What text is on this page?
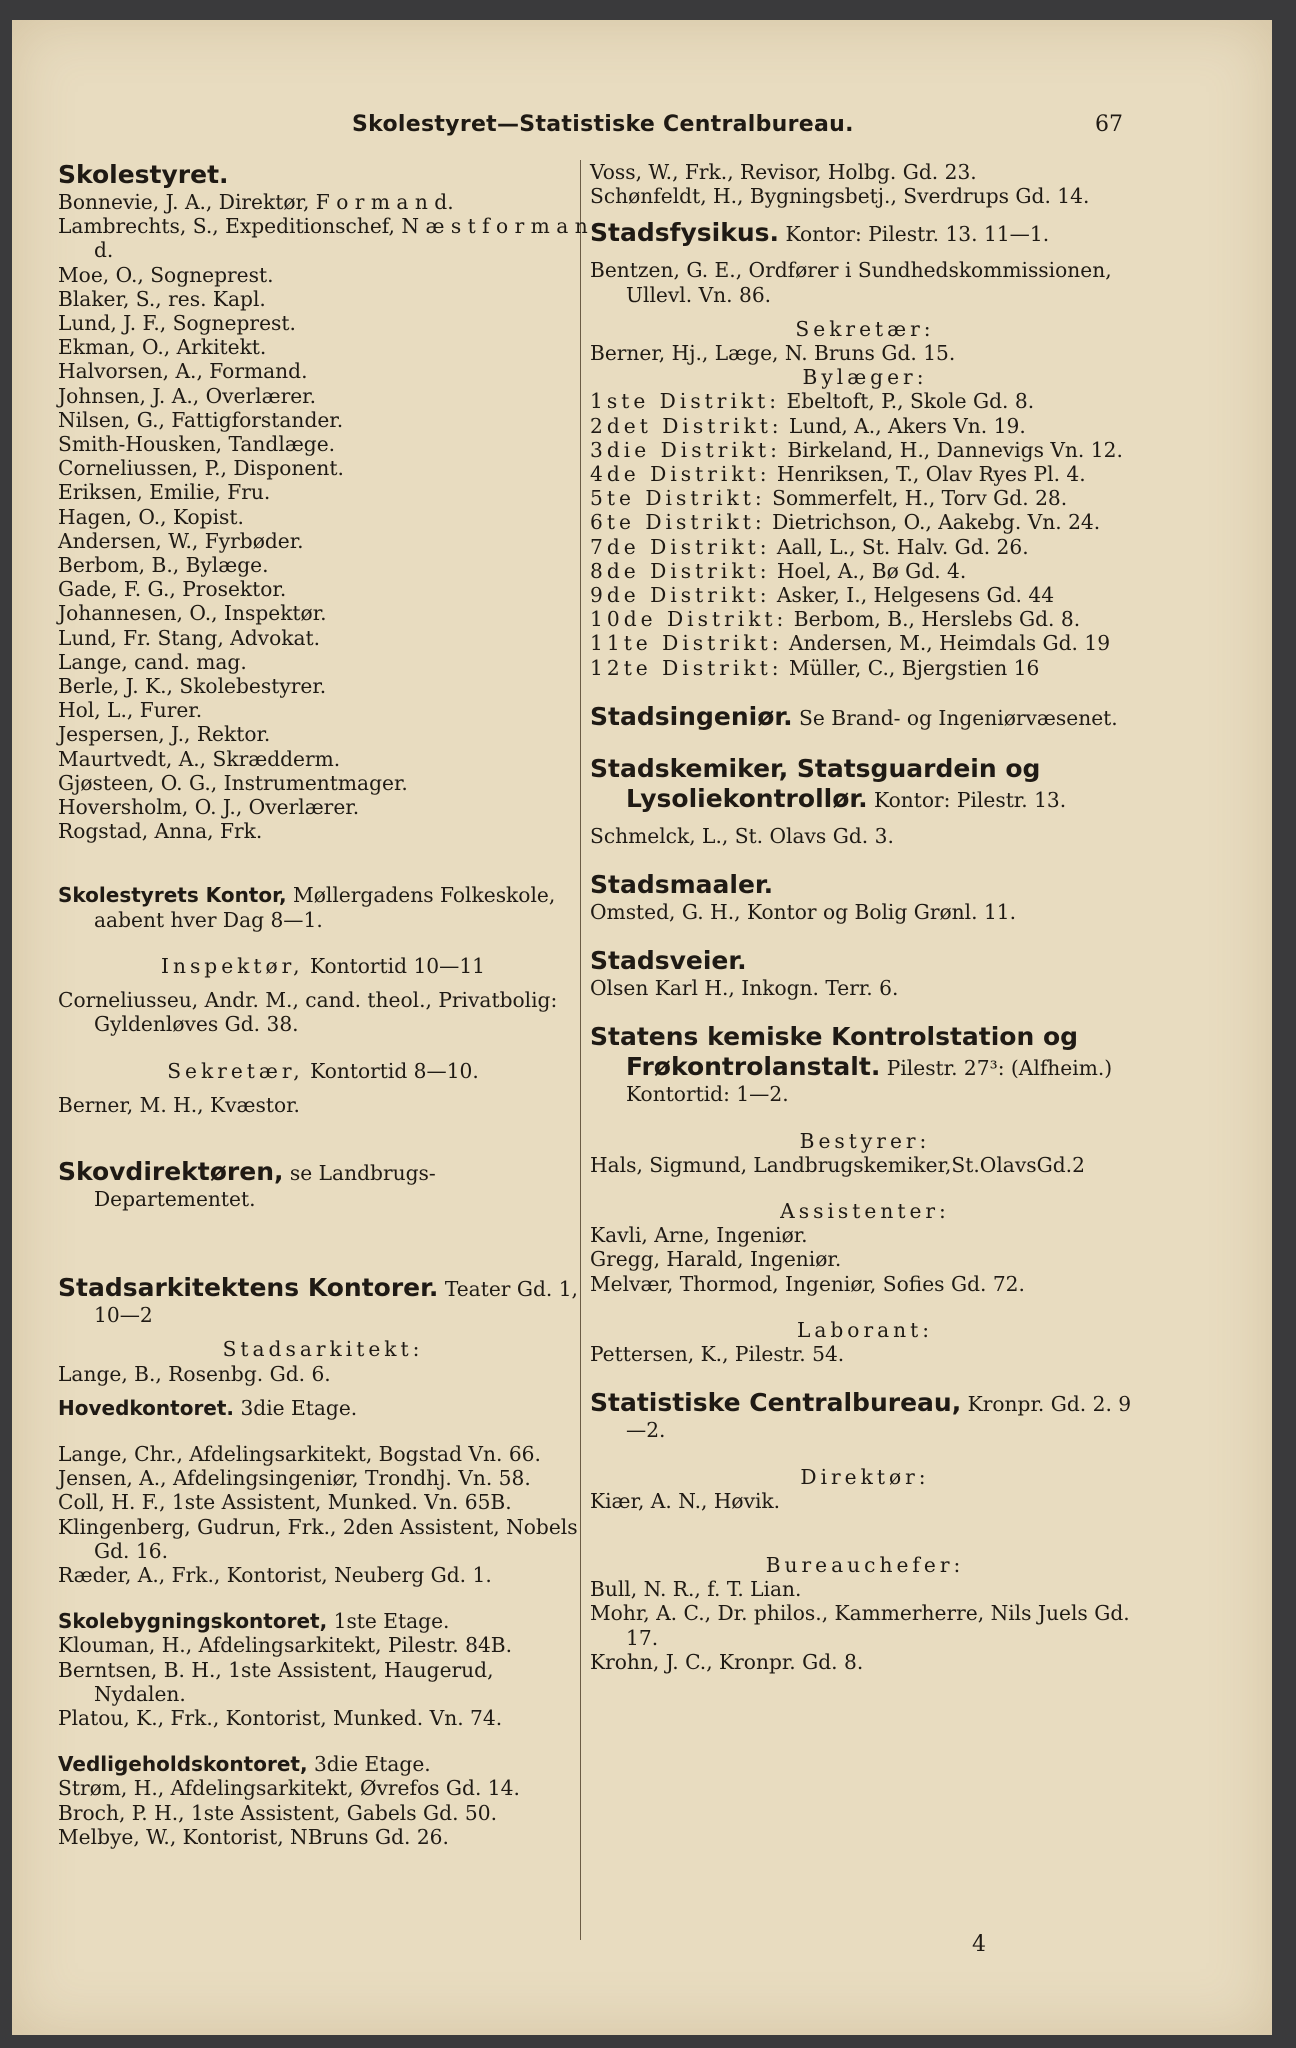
Skolestyret—Statistiske Centralbureau.	67
Skolestyret.
Bonnevie, J. A., Direktør, F o r m a n d.
Lambrechts, S., Expeditionschef, N æ s t f o r m a n d.
Moe, O., Sogneprest.
Blaker, S., res. Kapl.
Lund, J. F., Sogneprest.
Ekman, O., Arkitekt.
Halvorsen, A., Formand.
Johnsen, J. A., Overlærer.
Nilsen, G., Fattigforstander.
Smith-Housken, Tandlæge.
Corneliussen, P., Disponent.
Eriksen, Emilie, Fru.
Hagen, O., Kopist.
Andersen, W., Fyrbøder.
Berbom, B., Bylæge.
Gade, F. G., Prosektor.
Johannesen, O., Inspektør.
Lund, Fr. Stang, Advokat.
Lange, cand. mag.
Berle, J. K., Skolebestyrer.
Hol, L., Furer.
Jespersen, J., Rektor.
Maurtvedt, A., Skrædderm.
Gjøsteen, O. G., Instrumentmager.
Hoversholm, O. J., Overlærer.
Rogstad, Anna, Frk.
Skolestyrets Kontor, Møllergadens Folkeskole, aabent hver Dag 8—1.
Inspektør, Kontortid 10—11
Corneliusseu, Andr. M., cand. theol., Privatbolig: Gyldenløves Gd. 38.
Sekretær, Kontortid 8—10.
Berner, M. H., Kvæstor.
Skovdirektøren, se Landbrugs-Departementet.
Stadsarkitektens Kontorer. Teater Gd. 1, 10—2
Stadsarkitekt:
Lange, B., Rosenbg. Gd. 6.
Hovedkontoret. 3die Etage.
Lange, Chr., Afdelingsarkitekt, Bogstad Vn. 66.
Jensen, A., Afdelingsingeniør, Trondhj. Vn. 58.
Coll, H. F., 1ste Assistent, Munked. Vn. 65B.
Klingenberg, Gudrun, Frk., 2den Assistent, Nobels Gd. 16.
Ræder, A., Frk., Kontorist, Neuberg Gd. 1.
Skolebygningskontoret, 1ste Etage.
Klouman, H., Afdelingsarkitekt, Pilestr. 84B.
Berntsen, B. H., 1ste Assistent, Haugerud, Nydalen.
Platou, K., Frk., Kontorist, Munked. Vn. 74.
Vedligeholdskontoret, 3die Etage.
Strøm, H., Afdelingsarkitekt, Øvrefos Gd. 14.
Broch, P. H., 1ste Assistent, Gabels Gd. 50.
Melbye, W., Kontorist, NBruns Gd. 26.
Voss, W., Frk., Revisor, Holbg. Gd. 23.
Schønfeldt, H., Bygningsbetj., Sverdrups Gd. 14.
Stadsfysikus. Kontor: Pilestr. 13. 11—1.
Bentzen, G. E., Ordfører i Sundhedskommissionen, Ullevl. Vn. 86.
Sekretær:
Berner, Hj., Læge, N. Bruns Gd. 15.
Bylæger:
1ste Distrikt: Ebeltoft, P., Skole Gd. 8.
2det Distrikt: Lund, A., Akers Vn. 19.
3die Distrikt: Birkeland, H., Dannevigs Vn. 12.
4de Distrikt: Henriksen, T., Olav Ryes Pl. 4.
5te Distrikt: Sommerfelt, H., Torv Gd. 28.
6te Distrikt: Dietrichson, O., Aakebg. Vn. 24.
7de Distrikt: Aall, L., St. Halv. Gd. 26.
8de Distrikt: Hoel, A., Bø Gd. 4.
9de Distrikt: Asker, I., Helgesens Gd. 44
10de Distrikt: Berbom, B., Herslebs Gd. 8.
11te Distrikt: Andersen, M., Heimdals Gd. 19
12te Distrikt: Müller, C., Bjergstien 16
Stadsingeniør. Se Brand- og Ingeniørvæsenet.
Stadskemiker, Statsguardein og Lysoliekontrollør. Kontor: Pilestr. 13.
Schmelck, L., St. Olavs Gd. 3.
Stadsmaaler.
Omsted, G. H., Kontor og Bolig Grønl. 11.
Stadsveier.
Olsen Karl H., Inkogn. Terr. 6.
Statens kemiske Kontrolstation og Frøkontrolanstalt. Pilestr. 27³: (Alfheim.) Kontortid: 1—2.
Bestyrer:
Hals, Sigmund, Landbrugskemiker,St.OlavsGd.2
Assistenter:
Kavli, Arne, Ingeniør.
Gregg, Harald, Ingeniør.
Melvær, Thormod, Ingeniør, Sofies Gd. 72.
Laborant:
Pettersen, K., Pilestr. 54.
Statistiske Centralbureau, Kronpr. Gd. 2. 9—2.
Direktør:
Kiær, A. N., Høvik.
Bureauchefer:
Bull, N. R., f. T. Lian.
Mohr, A. C., Dr. philos., Kammerherre, Nils Juels Gd. 17.
Krohn, J. C., Kronpr. Gd. 8.
4
